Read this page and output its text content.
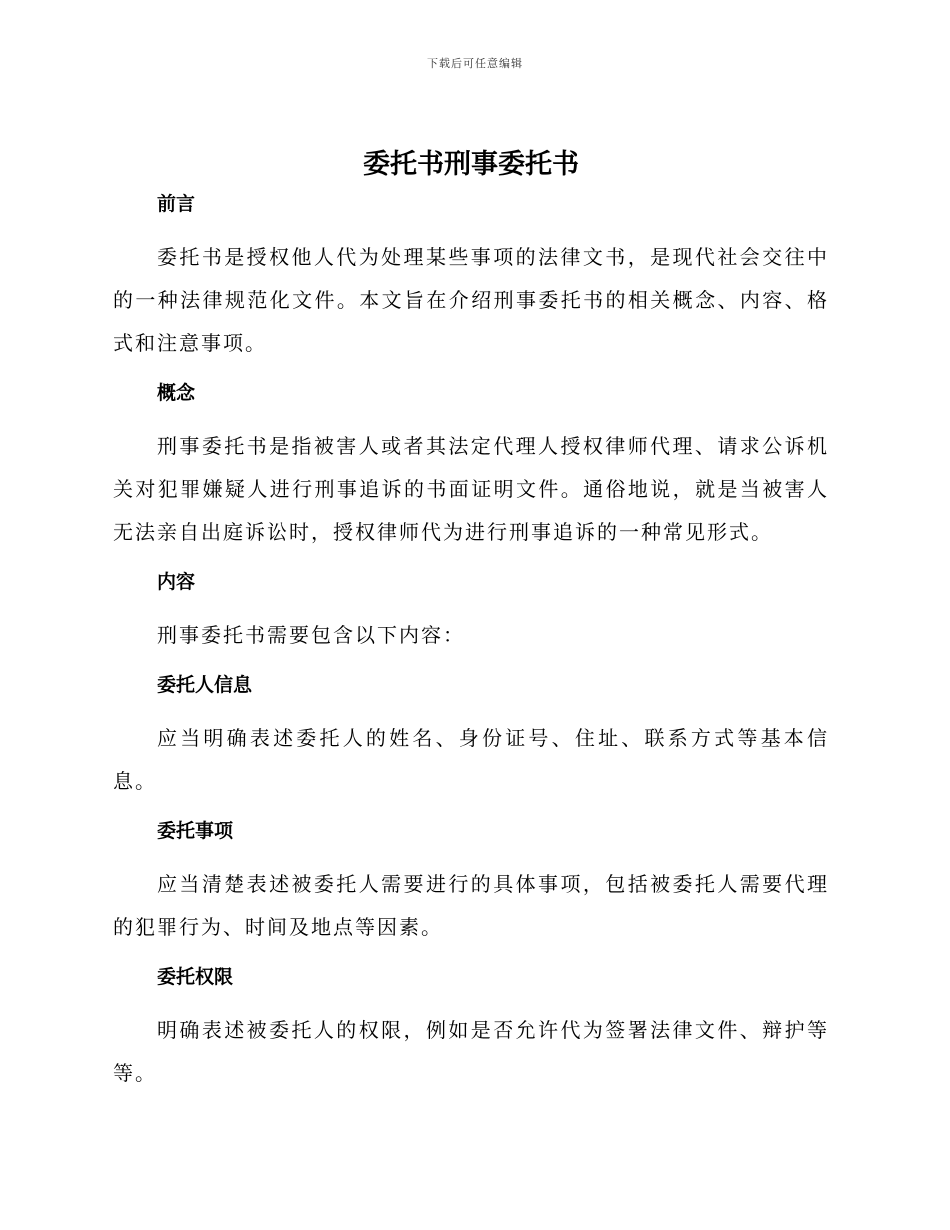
下载后可任意编辑
委托书刑事委托书
前言

委托书是授权他人代为处理某些事项的法律文书，是现代社会交往中的一种法律规范化文件。本文旨在介绍刑事委托书的相关概念、内容、格式和注意事项。

概念

刑事委托书是指被害人或者其法定代理人授权律师代理、请求公诉机关对犯罪嫌疑人进行刑事追诉的书面证明文件。通俗地说，就是当被害人无法亲自出庭诉讼时，授权律师代为进行刑事追诉的一种常见形式。

内容

刑事委托书需要包含以下内容：

委托人信息

应当明确表述委托人的姓名、身份证号、住址、联系方式等基本信息。

委托事项

应当清楚表述被委托人需要进行的具体事项，包括被委托人需要代理的犯罪行为、时间及地点等因素。

委托权限

明确表述被委托人的权限，例如是否允许代为签署法律文件、辩护等等。
